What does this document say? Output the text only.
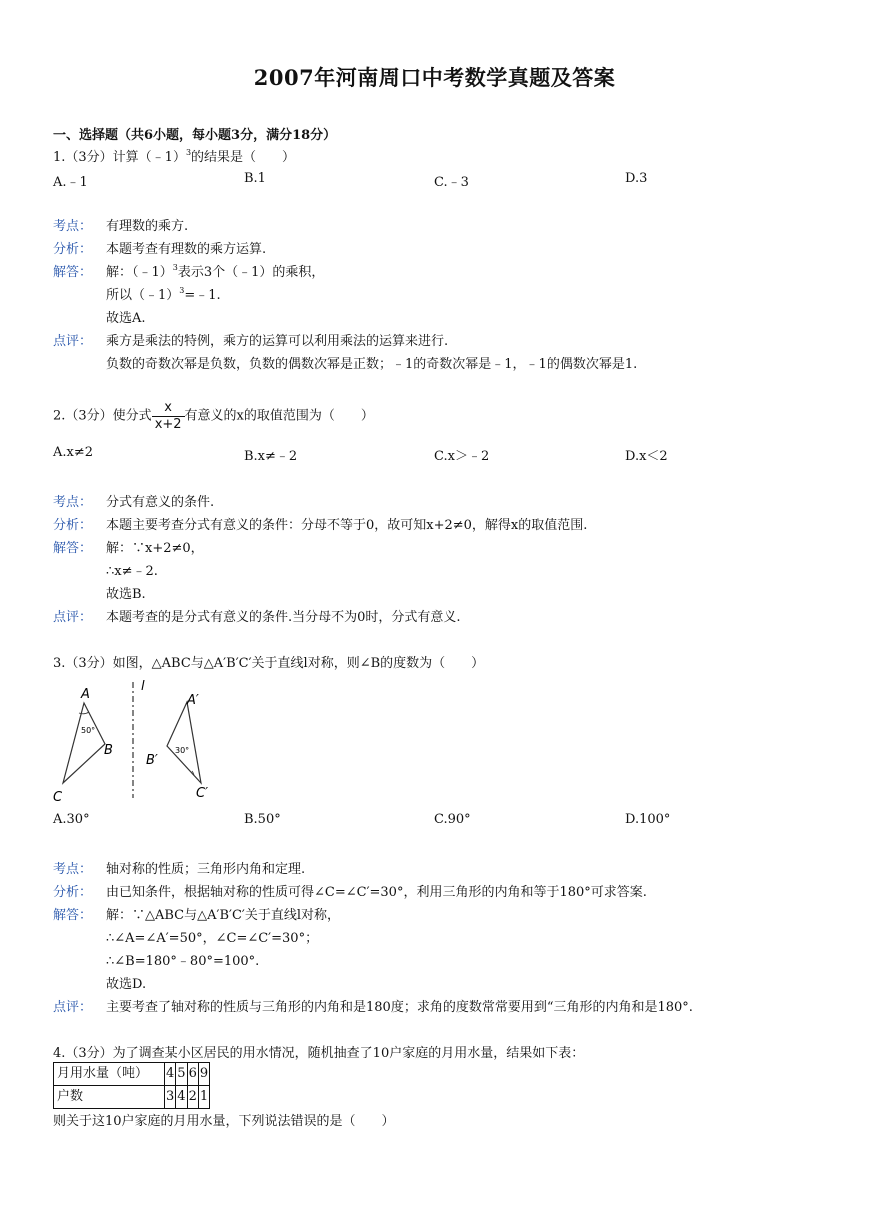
2007年河南周口中考数学真题及答案
一、选择题（共6小题，每小题3分，满分18分）
1.（3分）计算（﹣1）$^3$的结果是（　　）
A.﹣1	B.1	C.﹣3	D.3
考点： 有理数的乘方.
分析： 本题考查有理数的乘方运算.
解答： 解：（﹣1）$^3$表示3个（﹣1）的乘积，
所以（﹣1）$^3$=﹣1.
故选A.
点评： 乘方是乘法的特例，乘方的运算可以利用乘法的运算来进行.
负数的奇数次幂是负数，负数的偶数次幂是正数；﹣1的奇数次幂是﹣1，﹣1的偶数次幂是1.
2.（3分）使分式 $\frac{x}{x+2}$ 有意义的x的取值范围为（　　）
A.x≠2	B.x≠﹣2	C.x＞﹣2	D.x＜2
考点： 分式有意义的条件.
分析： 本题主要考查分式有意义的条件：分母不等于0，故可知x+2≠0，解得x的取值范围.
解答： 解：∵x+2≠0，
∴x≠﹣2.
故选B.
点评： 本题考查的是分式有意义的条件.当分母不为0时，分式有意义.
3.（3分）如图，△ABC与△A′B′C′关于直线l对称，则∠B的度数为（　　）
A
B
C
A′
B′
C′
l
50°
30°
A.30°	B.50°	C.90°	D.100°
考点： 轴对称的性质；三角形内角和定理.
分析： 由已知条件，根据轴对称的性质可得∠C=∠C′=30°，利用三角形的内角和等于180°可求答案.
解答： 解：∵△ABC与△A′B′C′关于直线l对称，
∴∠A=∠A′=50°，∠C=∠C′=30°；
∴∠B=180°﹣80°=100°.
故选D.
点评： 主要考查了轴对称的性质与三角形的内角和是180度；求角的度数常常要用到“三角形的内角和是180°.
4.（3分）为了调查某小区居民的用水情况，随机抽查了10户家庭的月用水量，结果如下表：
月用水量（吨）	4	5	6	9
户数	3	4	2	1
则关于这10户家庭的月用水量，下列说法错误的是（　　）
